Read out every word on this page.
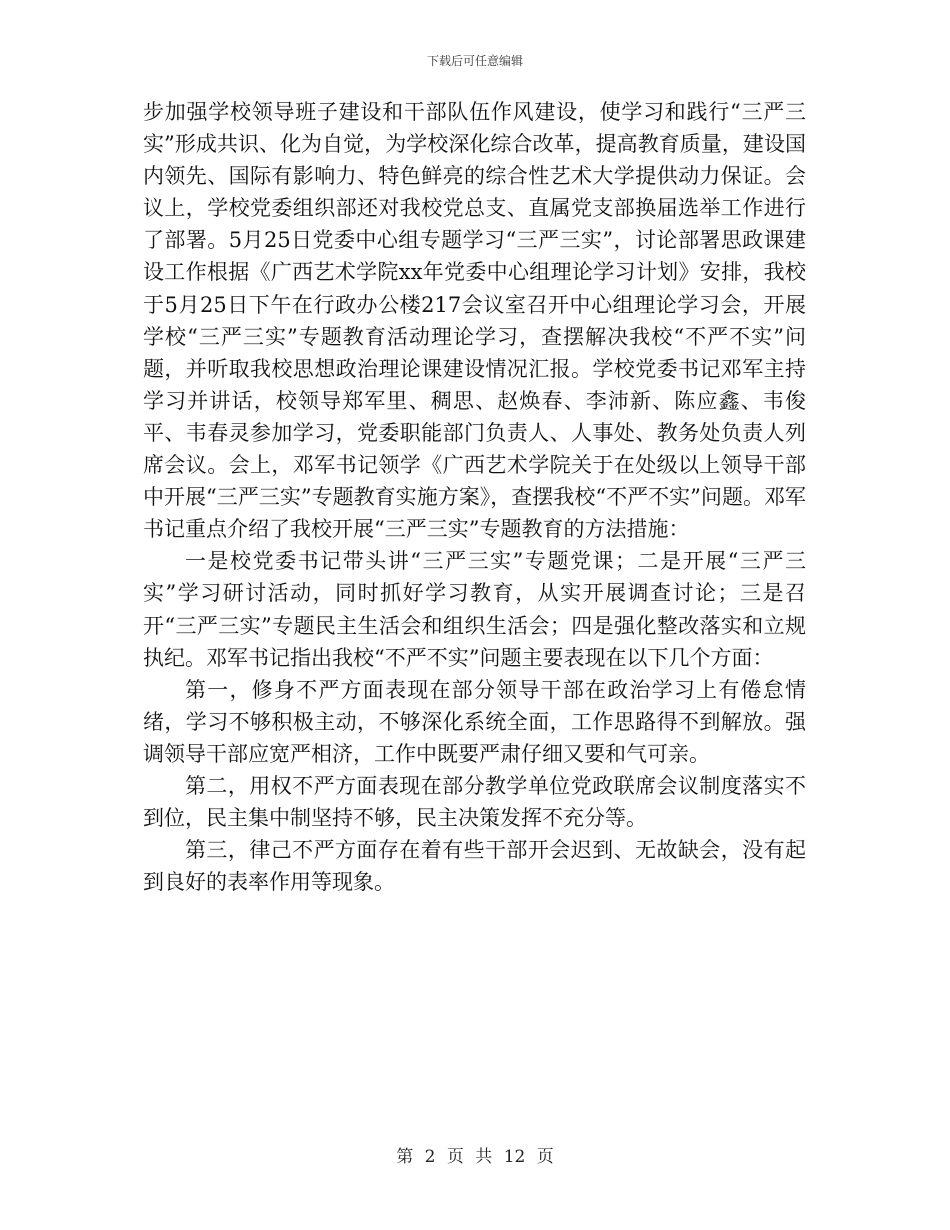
下载后可任意编辑

步加强学校领导班子建设和干部队伍作风建设，使学习和践行“三严三实”形成共识、化为自觉，为学校深化综合改革，提高教育质量，建设国内领先、国际有影响力、特色鲜亮的综合性艺术大学提供动力保证。会议上，学校党委组织部还对我校党总支、直属党支部换届选举工作进行了部署。5月25日党委中心组专题学习“三严三实”，讨论部署思政课建设工作根据《广西艺术学院xx年党委中心组理论学习计划》安排，我校于5月25日下午在行政办公楼217会议室召开中心组理论学习会，开展学校“三严三实”专题教育活动理论学习，查摆解决我校“不严不实”问题，并听取我校思想政治理论课建设情况汇报。学校党委书记邓军主持学习并讲话，校领导郑军里、稠思、赵焕春、李沛新、陈应鑫、韦俊平、韦春灵参加学习，党委职能部门负责人、人事处、教务处负责人列席会议。会上，邓军书记领学《广西艺术学院关于在处级以上领导干部中开展“三严三实”专题教育实施方案》，查摆我校“不严不实”问题。邓军书记重点介绍了我校开展“三严三实”专题教育的方法措施：

一是校党委书记带头讲“三严三实”专题党课；二是开展“三严三实”学习研讨活动，同时抓好学习教育，从实开展调查讨论；三是召开“三严三实”专题民主生活会和组织生活会；四是强化整改落实和立规执纪。邓军书记指出我校“不严不实”问题主要表现在以下几个方面：

第一，修身不严方面表现在部分领导干部在政治学习上有倦怠情绪，学习不够积极主动，不够深化系统全面，工作思路得不到解放。强调领导干部应宽严相济，工作中既要严肃仔细又要和气可亲。

第二，用权不严方面表现在部分教学单位党政联席会议制度落实不到位，民主集中制坚持不够，民主决策发挥不充分等。

第三，律己不严方面存在着有些干部开会迟到、无故缺会，没有起到良好的表率作用等现象。

第 2 页 共 12 页
